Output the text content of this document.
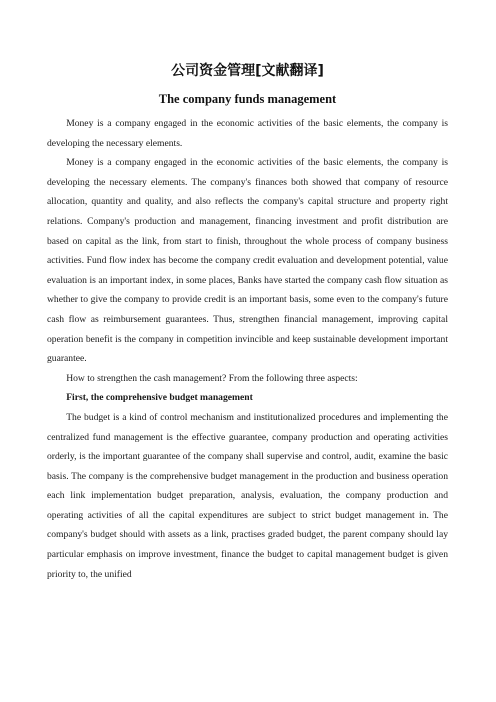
公司资金管理[文献翻译]
The company funds management

Money is a company engaged in the economic activities of the basic elements, the company is developing the necessary elements.

Money is a company engaged in the economic activities of the basic elements, the company is developing the necessary elements. The company's finances both showed that company of resource allocation, quantity and quality, and also reflects the company's capital structure and property right relations. Company's production and management, financing investment and profit distribution are based on capital as the link, from start to finish, throughout the whole process of company business activities. Fund flow index has become the company credit evaluation and development potential, value evaluation is an important index, in some places, Banks have started the company cash flow situation as whether to give the company to provide credit is an important basis, some even to the company's future cash flow as reimbursement guarantees. Thus, strengthen financial management, improving capital operation benefit is the company in competition invincible and keep sustainable development important guarantee.

How to strengthen the cash management? From the following three aspects:

First, the comprehensive budget management

The budget is a kind of control mechanism and institutionalized procedures and implementing the centralized fund management is the effective guarantee, company production and operating activities orderly, is the important guarantee of the company shall supervise and control, audit, examine the basic basis. The company is the comprehensive budget management in the production and business operation each link implementation budget preparation, analysis, evaluation, the company production and operating activities of all the capital expenditures are subject to strict budget management in. The company's budget should with assets as a link, practises graded budget, the parent company should lay particular emphasis on improve investment, finance the budget to capital management budget is given priority to, the unified
